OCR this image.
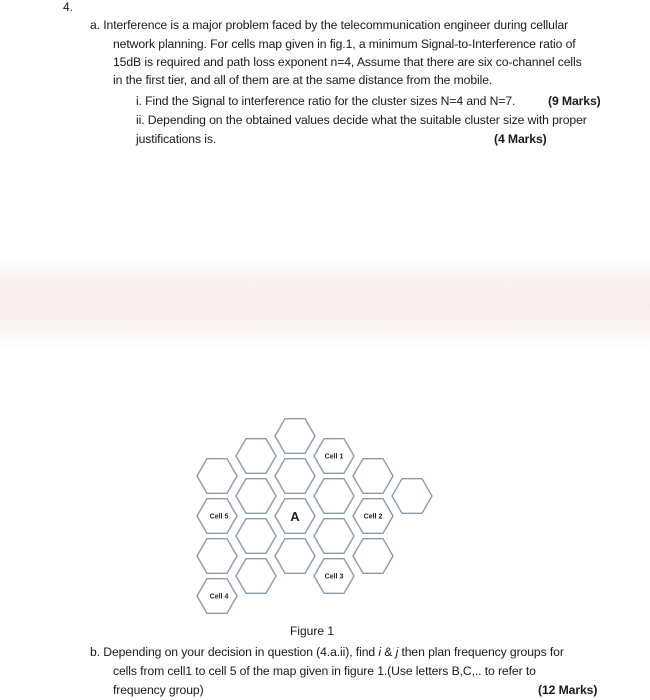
4.
a. Interference is a major problem faced by the telecommunication engineer during cellular
network planning. For cells map given in fig.1, a minimum Signal-to-Interference ratio of
15dB is required and path loss exponent n=4, Assume that there are six co-channel cells
in the first tier, and all of them are at the same distance from the mobile.
i. Find the Signal to interference ratio for the cluster sizes N=4 and N=7.	(9 Marks)
ii. Depending on the obtained values decide what the suitable cluster size with proper
justifications is.	(4 Marks)
Cell 1
Cell 2
Cell 3
Cell 4
Cell 5	A
Figure 1
b. Depending on your decision in question (4.a.ii), find i & j then plan frequency groups for
cells from cell1 to cell 5 of the map given in figure 1.(Use letters B,C,.. to refer to
frequency group)	(12 Marks)
